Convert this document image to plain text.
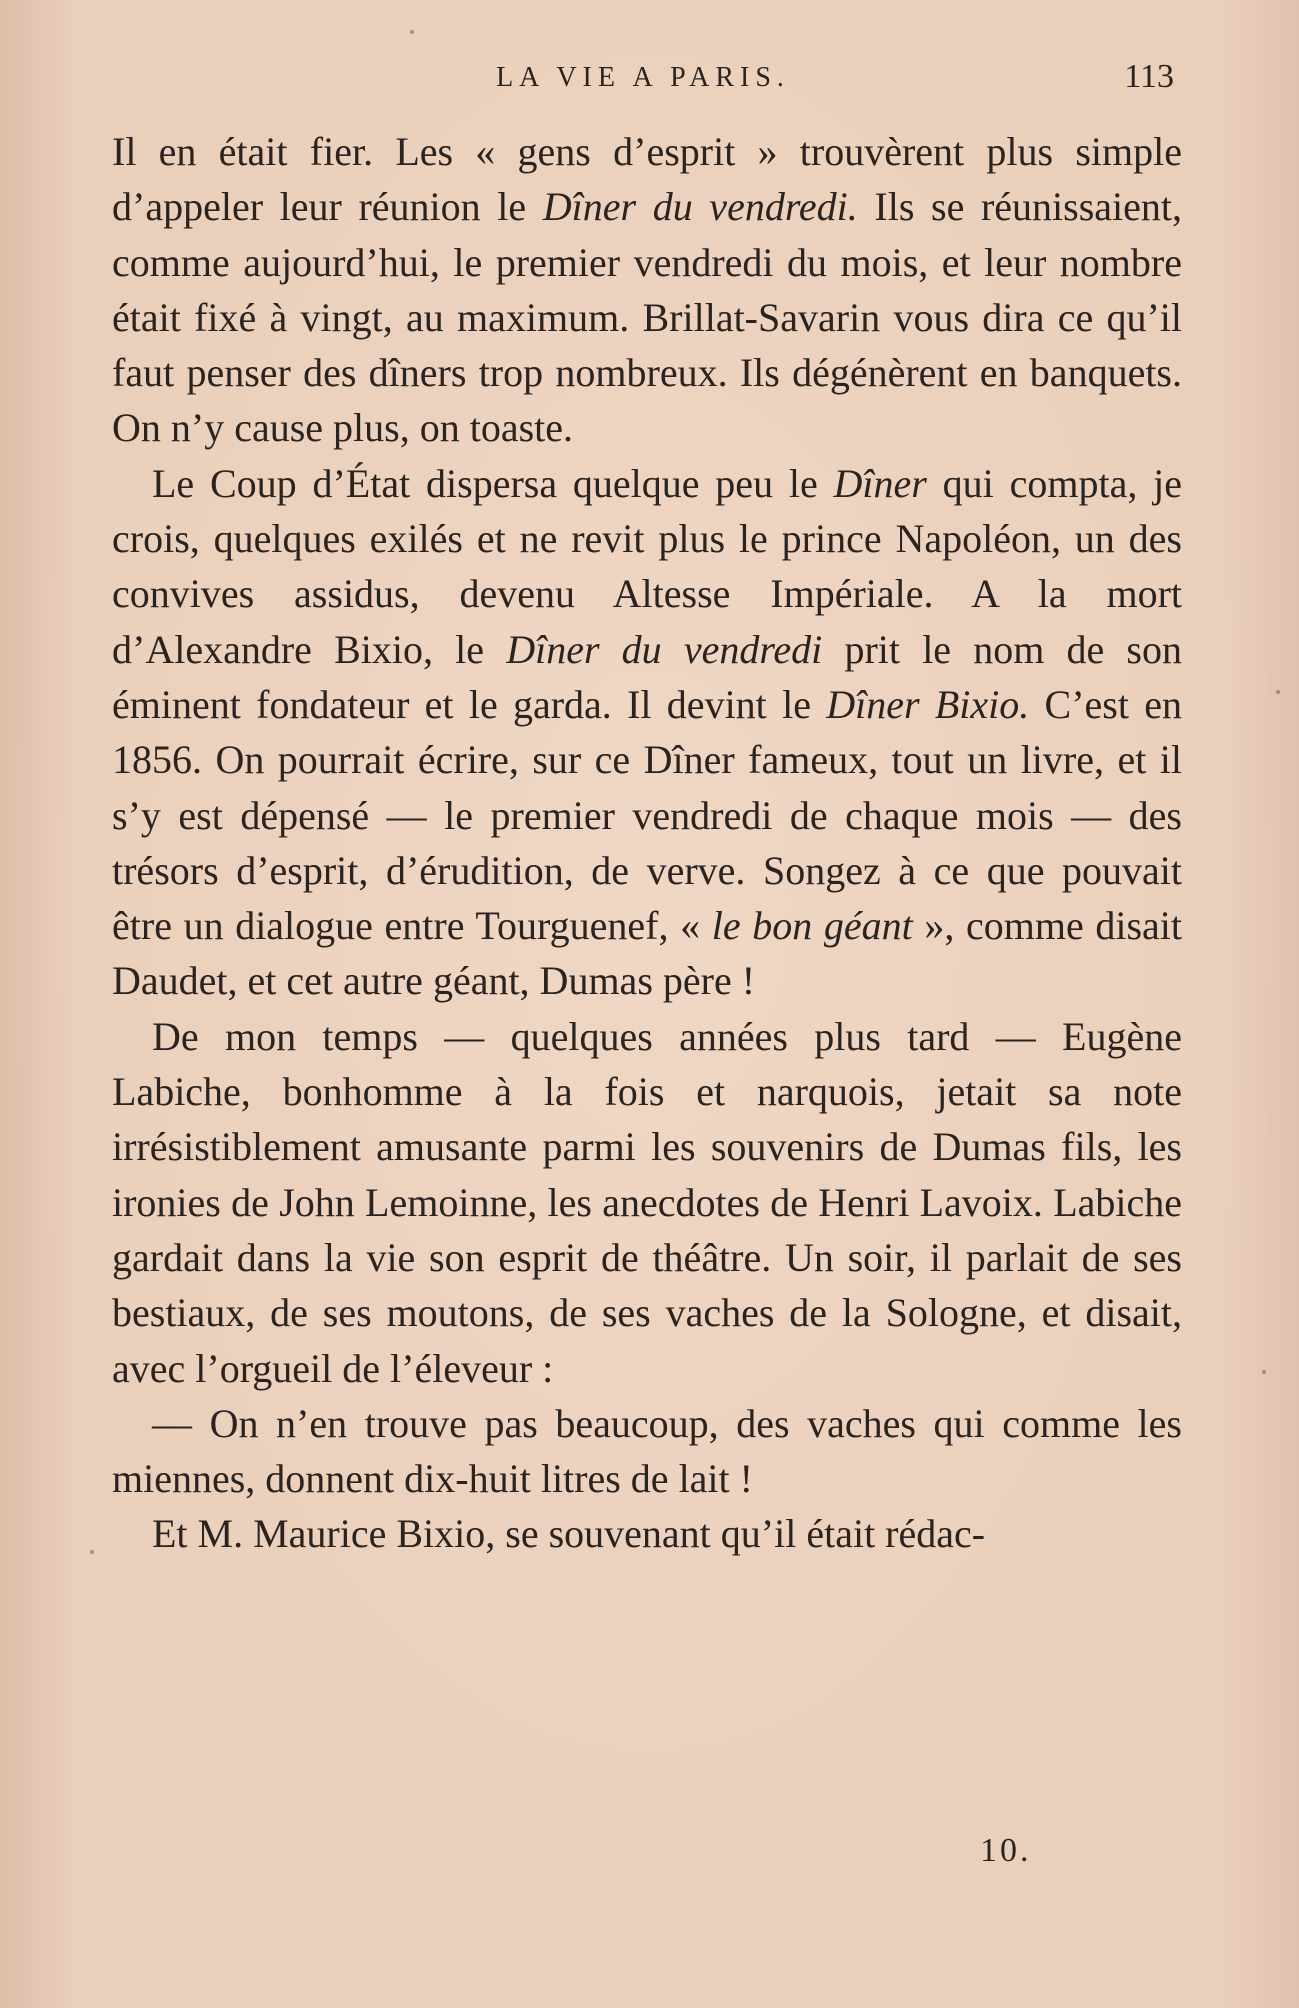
LA VIE A PARIS.	113

Il en était fier. Les « gens d’esprit » trouvèrent plus simple d’appeler leur réunion le Dîner du vendredi. Ils se réunissaient, comme aujourd’hui, le premier vendredi du mois, et leur nombre était fixé à vingt, au maximum. Brillat-Savarin vous dira ce qu’il faut penser des dîners trop nombreux. Ils dégénèrent en banquets. On n’y cause plus, on toaste.

Le Coup d’État dispersa quelque peu le Dîner qui compta, je crois, quelques exilés et ne revit plus le prince Napoléon, un des convives assidus, devenu Altesse Impériale. A la mort d’Alexandre Bixio, le Dîner du vendredi prit le nom de son éminent fondateur et le garda. Il devint le Dîner Bixio. C’est en 1856. On pourrait écrire, sur ce Dîner fameux, tout un livre, et il s’y est dépensé — le premier vendredi de chaque mois — des trésors d’esprit, d’érudition, de verve. Songez à ce que pouvait être un dialogue entre Tourguenef, « le bon géant », comme disait Daudet, et cet autre géant, Dumas père !

De mon temps — quelques années plus tard — Eugène Labiche, bonhomme à la fois et narquois, jetait sa note irrésistiblement amusante parmi les souvenirs de Dumas fils, les ironies de John Lemoinne, les anecdotes de Henri Lavoix. Labiche gardait dans la vie son esprit de théâtre. Un soir, il parlait de ses bestiaux, de ses moutons, de ses vaches de la Sologne, et disait, avec l’orgueil de l’éleveur :

— On n’en trouve pas beaucoup, des vaches qui comme les miennes, donnent dix-huit litres de lait !

Et M. Maurice Bixio, se souvenant qu’il était rédac-

10.
